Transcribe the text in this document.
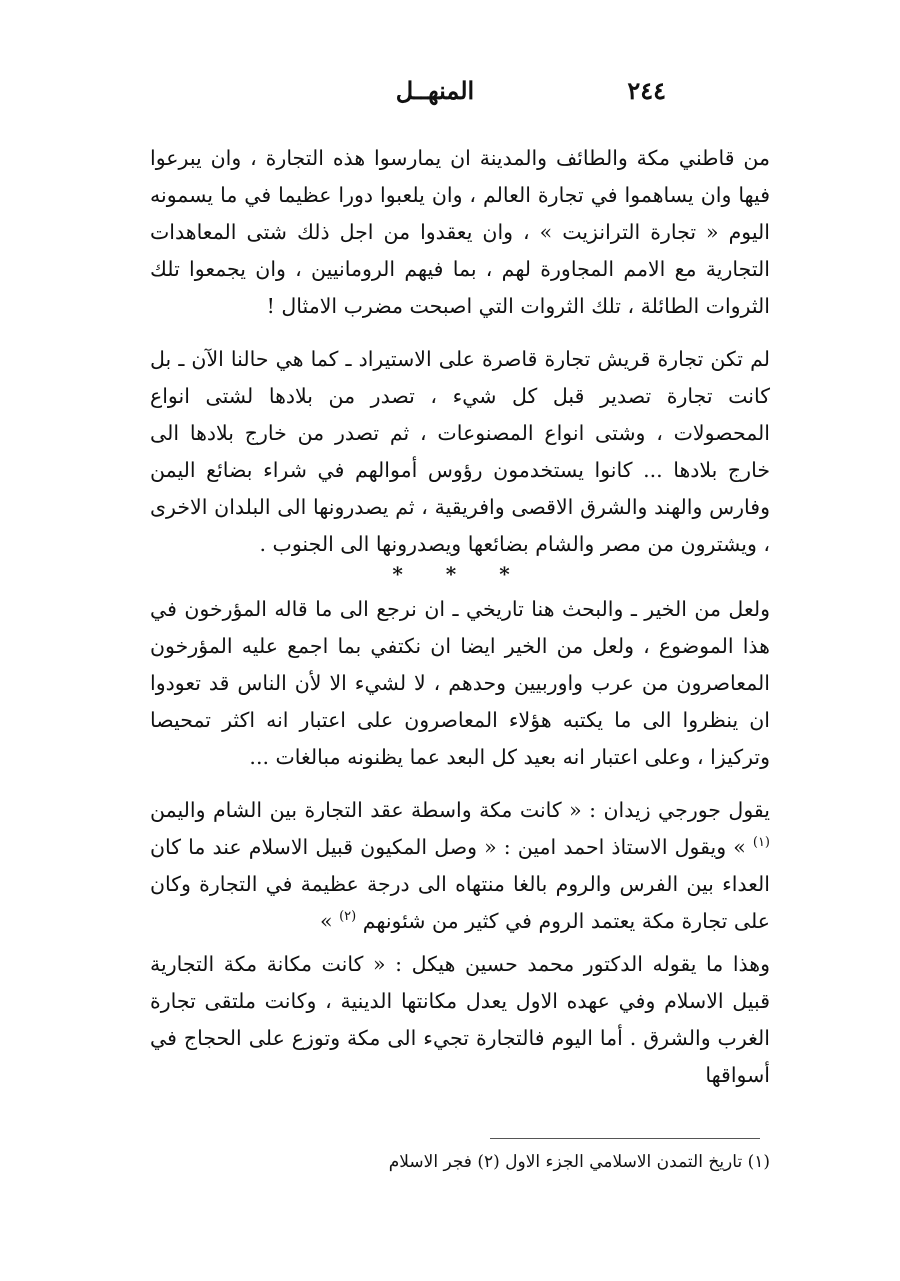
٢٤٤
المنهــل

من قاطني مكة والطائف والمدينة ان يمارسوا هذه التجارة ، وان يبرعوا فيها وان يساهموا في تجارة العالم ، وان يلعبوا دورا عظيما في ما يسمونه اليوم « تجارة الترانزيت » ، وان يعقدوا من اجل ذلك شتى المعاهدات التجارية مع الامم المجاورة لهم ، بما فيهم الرومانيين ، وان يجمعوا تلك الثروات الطائلة ، تلك الثروات التي اصبحت مضرب الامثال !

لم تكن تجارة قريش تجارة قاصرة على الاستيراد ـ كما هي حالنا الآن ـ بل كانت تجارة تصدير قبل كل شيء ، تصدر من بلادها لشتى انواع المحصولات ، وشتى انواع المصنوعات ، ثم تصدر من خارج بلادها الى خارج بلادها ... كانوا يستخدمون رؤوس أموالهم في شراء بضائع اليمن وفارس والهند والشرق الاقصى وافريقية ، ثم يصدرونها الى البلدان الاخرى ، ويشترون من مصر والشام بضائعها ويصدرونها الى الجنوب .

* * *

ولعل من الخير ـ والبحث هنا تاريخي ـ ان نرجع الى ما قاله المؤرخون في هذا الموضوع ، ولعل من الخير ايضا ان نكتفي بما اجمع عليه المؤرخون المعاصرون من عرب واوربيين وحدهم ، لا لشيء الا لأن الناس قد تعودوا ان ينظروا الى ما يكتبه هؤلاء المعاصرون على اعتبار انه اكثر تمحيصا وتركيزا ، وعلى اعتبار انه بعيد كل البعد عما يظنونه مبالغات ...

يقول جورجي زيدان : « كانت مكة واسطة عقد التجارة بين الشام واليمن $^{(١)}$ » ويقول الاستاذ احمد امين : « وصل المكيون قبيل الاسلام عند ما كان العداء بين الفرس والروم بالغا منتهاه الى درجة عظيمة في التجارة وكان على تجارة مكة يعتمد الروم في كثير من شئونهم $^{(٢)}$ »

وهذا ما يقوله الدكتور محمد حسين هيكل : « كانت مكانة مكة التجارية قبيل الاسلام وفي عهده الاول يعدل مكانتها الدينية ، وكانت ملتقى تجارة الغرب والشرق . أما اليوم فالتجارة تجيء الى مكة وتوزع على الحجاج في أسواقها

(١) تاريخ التمدن الاسلامي الجزء الاول (٢) فجر الاسلام
